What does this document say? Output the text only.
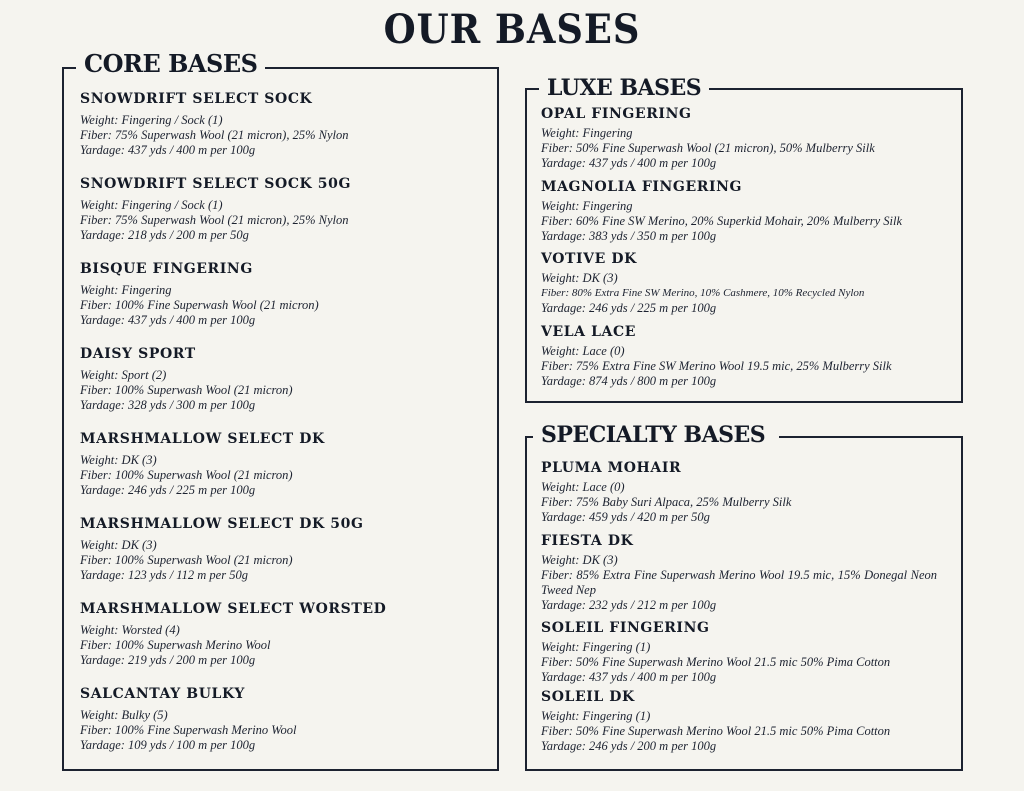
OUR BASES
CORE BASES
SNOWDRIFT SELECT SOCK
Weight: Fingering / Sock (1)
Fiber: 75% Superwash Wool (21 micron), 25% Nylon
Yardage: 437 yds / 400 m per 100g
SNOWDRIFT SELECT SOCK 50G
Weight: Fingering / Sock (1)
Fiber: 75% Superwash Wool (21 micron), 25% Nylon
Yardage: 218 yds / 200 m per 50g
BISQUE FINGERING
Weight: Fingering
Fiber: 100% Fine Superwash Wool (21 micron)
Yardage: 437 yds / 400 m per 100g
DAISY SPORT
Weight: Sport (2)
Fiber: 100% Superwash Wool (21 micron)
Yardage: 328 yds / 300 m per 100g
MARSHMALLOW SELECT DK
Weight: DK (3)
Fiber: 100% Superwash Wool (21 micron)
Yardage: 246 yds / 225 m per 100g
MARSHMALLOW SELECT DK 50G
Weight: DK (3)
Fiber: 100% Superwash Wool (21 micron)
Yardage: 123 yds / 112 m per 50g
MARSHMALLOW SELECT WORSTED
Weight: Worsted (4)
Fiber: 100% Superwash Merino Wool
Yardage: 219 yds / 200 m per 100g
SALCANTAY BULKY
Weight: Bulky (5)
Fiber: 100% Fine Superwash Merino Wool
Yardage: 109 yds / 100 m per 100g
LUXE BASES
OPAL FINGERING
Weight: Fingering
Fiber: 50% Fine Superwash Wool (21 micron), 50% Mulberry Silk
Yardage: 437 yds / 400 m per 100g
MAGNOLIA FINGERING
Weight: Fingering
Fiber: 60% Fine SW Merino, 20% Superkid Mohair, 20% Mulberry Silk
Yardage: 383 yds / 350 m per 100g
VOTIVE DK
Weight: DK (3)
Fiber: 80% Extra Fine SW Merino, 10% Cashmere, 10% Recycled Nylon
Yardage: 246 yds / 225 m per 100g
VELA LACE
Weight: Lace (0)
Fiber: 75% Extra Fine SW Merino Wool 19.5 mic, 25% Mulberry Silk
Yardage: 874 yds / 800 m per 100g
SPECIALTY BASES
PLUMA MOHAIR
Weight: Lace (0)
Fiber: 75% Baby Suri Alpaca, 25% Mulberry Silk
Yardage: 459 yds / 420 m per 50g
FIESTA DK
Weight: DK (3)
Fiber: 85% Extra Fine Superwash Merino Wool 19.5 mic, 15% Donegal Neon Tweed Nep
Yardage: 232 yds / 212 m per 100g
SOLEIL FINGERING
Weight: Fingering (1)
Fiber: 50% Fine Superwash Merino Wool 21.5 mic 50% Pima Cotton
Yardage: 437 yds / 400 m per 100g
SOLEIL DK
Weight: Fingering (1)
Fiber: 50% Fine Superwash Merino Wool 21.5 mic 50% Pima Cotton
Yardage: 246 yds / 200 m per 100g
